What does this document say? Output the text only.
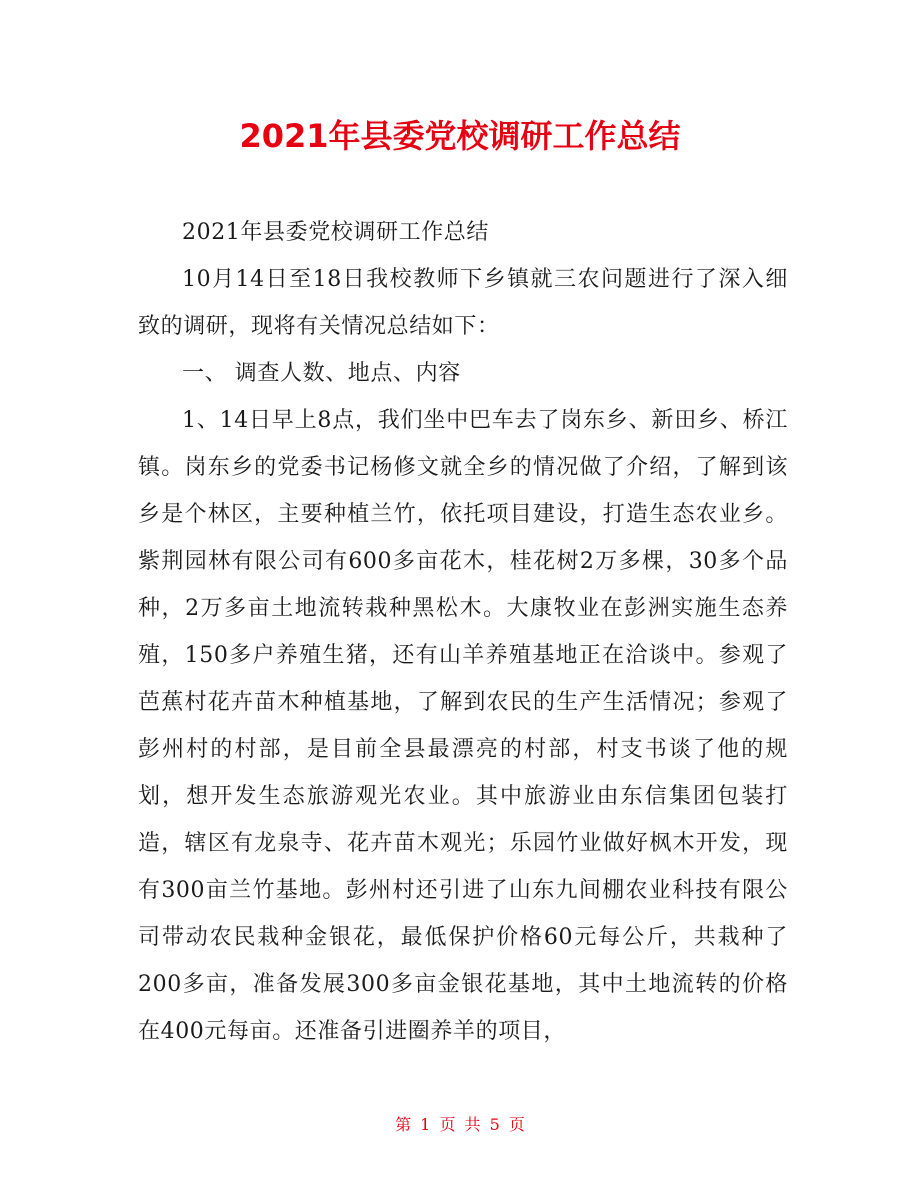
2021年县委党校调研工作总结

2021年县委党校调研工作总结

10月14日至18日我校教师下乡镇就三农问题进行了深入细致的调研，现将有关情况总结如下：

一、 调查人数、地点、内容

1、14日早上8点，我们坐中巴车去了岗东乡、新田乡、桥江镇。岗东乡的党委书记杨修文就全乡的情况做了介绍，了解到该乡是个林区，主要种植兰竹，依托项目建设，打造生态农业乡。紫荆园林有限公司有600多亩花木，桂花树2万多棵，30多个品种，2万多亩土地流转栽种黑松木。大康牧业在彭洲实施生态养殖，150多户养殖生猪，还有山羊养殖基地正在洽谈中。参观了芭蕉村花卉苗木种植基地，了解到农民的生产生活情况；参观了彭州村的村部，是目前全县最漂亮的村部，村支书谈了他的规划，想开发生态旅游观光农业。其中旅游业由东信集团包装打造，辖区有龙泉寺、花卉苗木观光；乐园竹业做好枫木开发，现有300亩兰竹基地。彭州村还引进了山东九间棚农业科技有限公司带动农民栽种金银花，最低保护价格60元每公斤，共栽种了200多亩，准备发展300多亩金银花基地，其中土地流转的价格在400元每亩。还准备引进圈养羊的项目，

第 1 页 共 5 页
